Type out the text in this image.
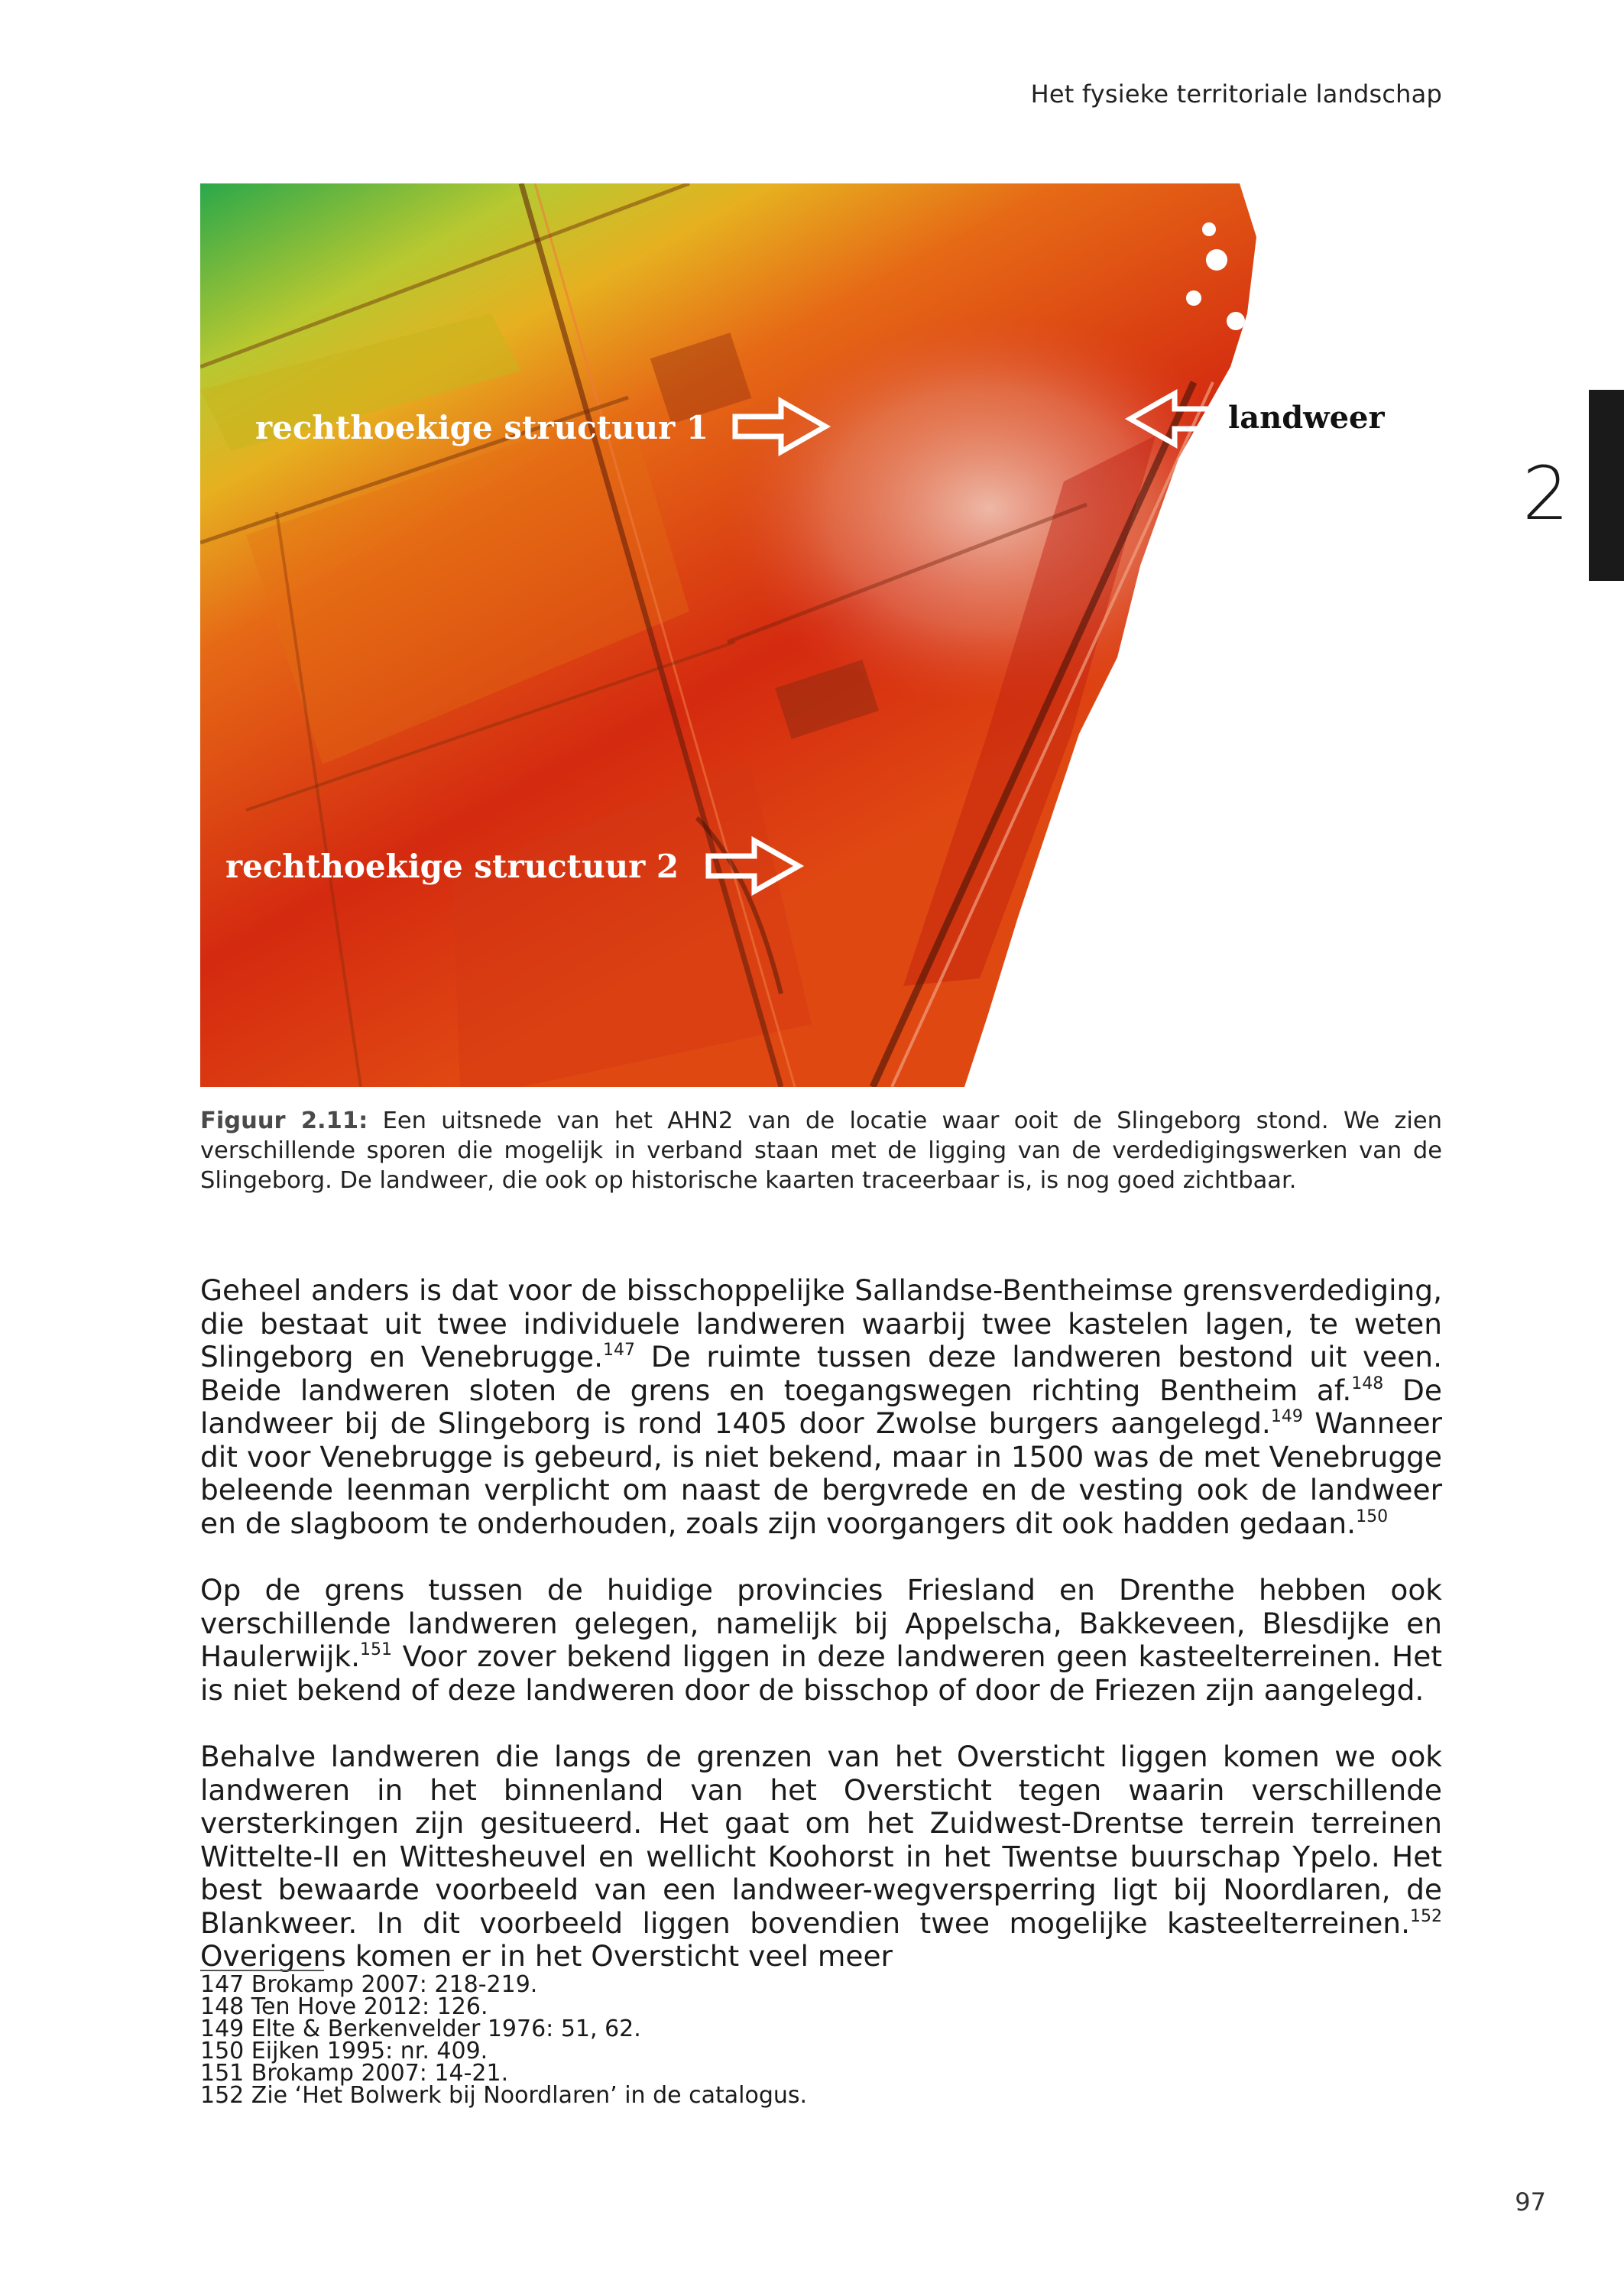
Het fysieke territoriale landschap
2
rechthoekige structuur 1
rechthoekige structuur 2
landweer
Figuur 2.11: Een uitsnede van het AHN2 van de locatie waar ooit de Slingeborg stond. We zien verschillende sporen die mogelijk in verband staan met de ligging van de verdedigingswerken van de Slingeborg. De landweer, die ook op historische kaarten traceerbaar is, is nog goed zichtbaar.

Geheel anders is dat voor de bisschoppelijke Sallandse-Bentheimse grensverdediging, die bestaat uit twee individuele landweren waarbij twee kastelen lagen, te weten Slingeborg en Venebrugge.$^{147}$ De ruimte tussen deze landweren bestond uit veen. Beide landweren sloten de grens en toegangswegen richting Bentheim af.$^{148}$ De landweer bij de Slingeborg is rond 1405 door Zwolse burgers aangelegd.$^{149}$ Wanneer dit voor Venebrugge is gebeurd, is niet bekend, maar in 1500 was de met Venebrugge beleende leenman verplicht om naast de bergvrede en de vesting ook de landweer en de slagboom te onderhouden, zoals zijn voorgangers dit ook hadden gedaan.$^{150}$

Op de grens tussen de huidige provincies Friesland en Drenthe hebben ook verschillende landweren gelegen, namelijk bij Appelscha, Bakkeveen, Blesdijke en Haulerwijk.$^{151}$ Voor zover bekend liggen in deze landweren geen kasteelterreinen. Het is niet bekend of deze landweren door de bisschop of door de Friezen zijn aangelegd.

Behalve landweren die langs de grenzen van het Oversticht liggen komen we ook landweren in het binnenland van het Oversticht tegen waarin verschillende versterkingen zijn gesitueerd. Het gaat om het Zuidwest-Drentse terrein terreinen Wittelte-II en Wittesheuvel en wellicht Koohorst in het Twentse buurschap Ypelo. Het best bewaarde voorbeeld van een landweer-wegversperring ligt bij Noordlaren, de Blankweer. In dit voorbeeld liggen bovendien twee mogelijke kasteelterreinen.$^{152}$ Overigens komen er in het Oversticht veel meer

147 Brokamp 2007: 218-219.
148 Ten Hove 2012: 126.
149 Elte & Berkenvelder 1976: 51, 62.
150 Eijken 1995: nr. 409.
151 Brokamp 2007: 14-21.
152 Zie ‘Het Bolwerk bij Noordlaren’ in de catalogus.
97
